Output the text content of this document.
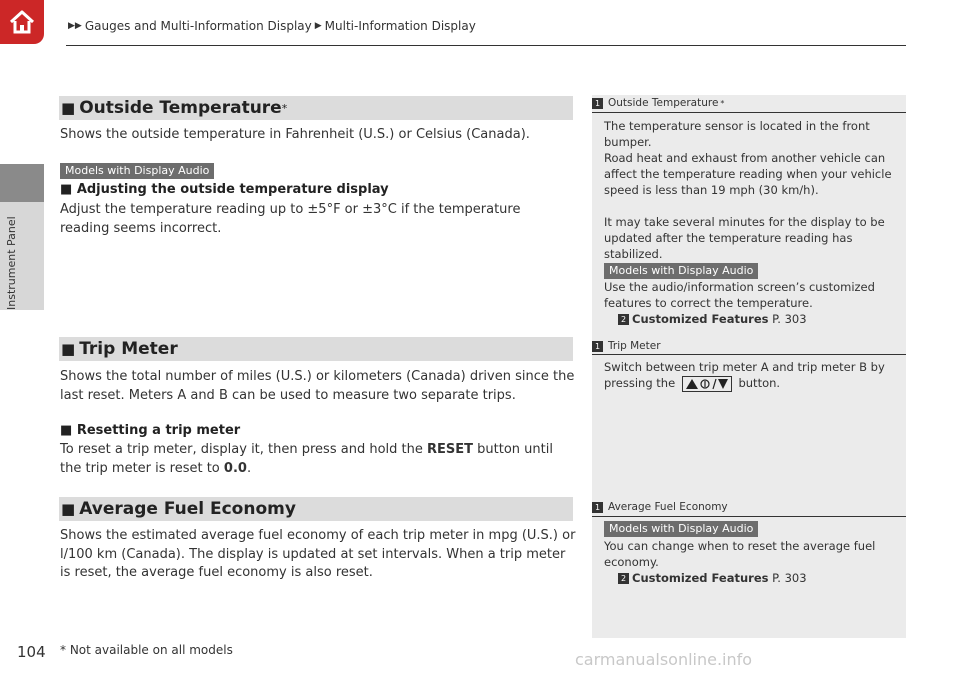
▶▶ Gauges and Multi-Information Display ▶ Multi-Information Display
■ Outside Temperature *
Shows the outside temperature in Fahrenheit (U.S.) or Celsius (Canada).
Models with Display Audio
■ Adjusting the outside temperature display
Adjust the temperature reading up to ±5°F or ±3°C if the temperature reading seems incorrect.
■ Trip Meter
Shows the total number of miles (U.S.) or kilometers (Canada) driven since the last reset. Meters A and B can be used to measure two separate trips.
■ Resetting a trip meter
To reset a trip meter, display it, then press and hold the RESET button until the trip meter is reset to 0.0.
■ Average Fuel Economy
Shows the estimated average fuel economy of each trip meter in mpg (U.S.) or l/100 km (Canada). The display is updated at set intervals. When a trip meter is reset, the average fuel economy is also reset.
1 Outside Temperature *
The temperature sensor is located in the front bumper.
Road heat and exhaust from another vehicle can affect the temperature reading when your vehicle speed is less than 19 mph (30 km/h).
It may take several minutes for the display to be updated after the temperature reading has stabilized.
Models with Display Audio
Use the audio/information screen’s customized features to correct the temperature.
2 Customized Features P. 303
1 Trip Meter
Switch between trip meter A and trip meter B by pressing the	button.
1 Average Fuel Economy
Models with Display Audio
You can change when to reset the average fuel economy.
2 Customized Features P. 303
104 * Not available on all models	carmanualsonline.info
